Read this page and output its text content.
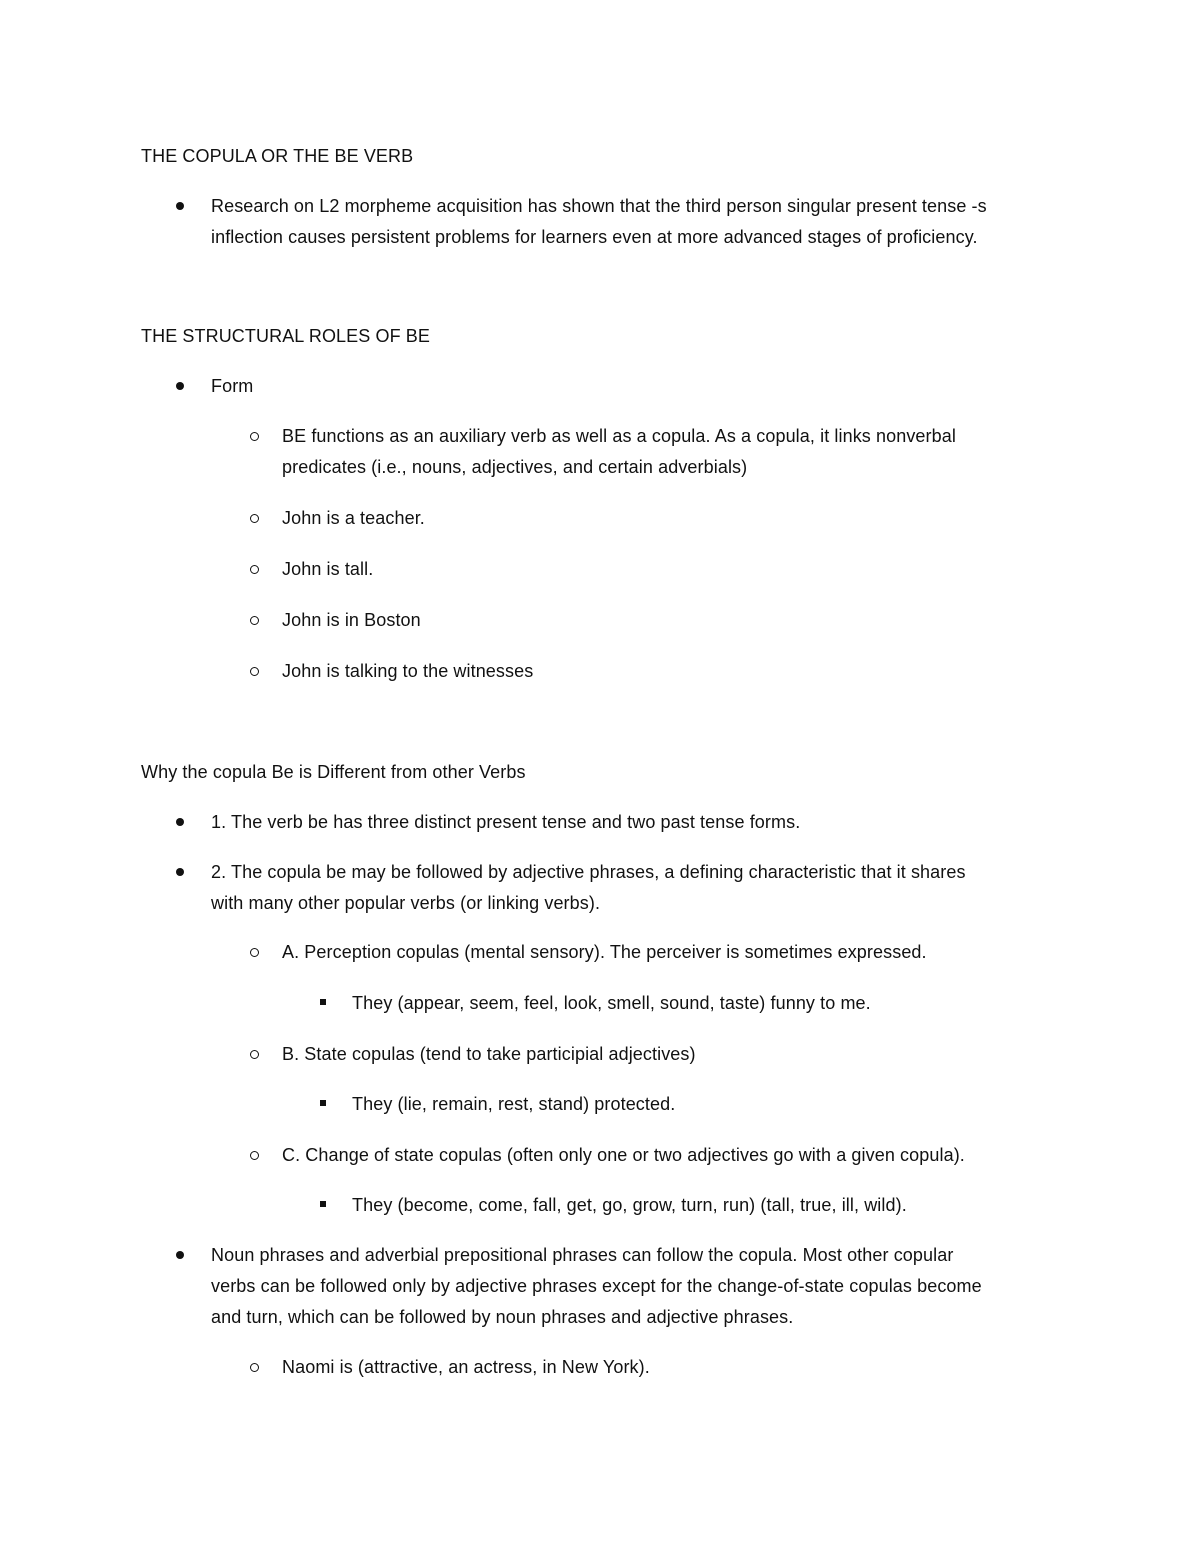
THE COPULA OR THE BE VERB
Research on L2 morpheme acquisition has shown that the third person singular present tense -s
inflection causes persistent problems for learners even at more advanced stages of proficiency.
THE STRUCTURAL ROLES OF BE
Form
BE functions as an auxiliary verb as well as a copula. As a copula, it links nonverbal
predicates (i.e., nouns, adjectives, and certain adverbials)
John is a teacher.
John is tall.
John is in Boston
John is talking to the witnesses
Why the copula Be is Different from other Verbs
1. The verb be has three distinct present tense and two past tense forms.
2. The copula be may be followed by adjective phrases, a defining characteristic that it shares
with many other popular verbs (or linking verbs).
A. Perception copulas (mental sensory). The perceiver is sometimes expressed.
They (appear, seem, feel, look, smell, sound, taste) funny to me.
B. State copulas (tend to take participial adjectives)
They (lie, remain, rest, stand) protected.
C. Change of state copulas (often only one or two adjectives go with a given copula).
They (become, come, fall, get, go, grow, turn, run) (tall, true, ill, wild).
Noun phrases and adverbial prepositional phrases can follow the copula. Most other copular
verbs can be followed only by adjective phrases except for the change-of-state copulas become
and turn, which can be followed by noun phrases and adjective phrases.
Naomi is (attractive, an actress, in New York).
